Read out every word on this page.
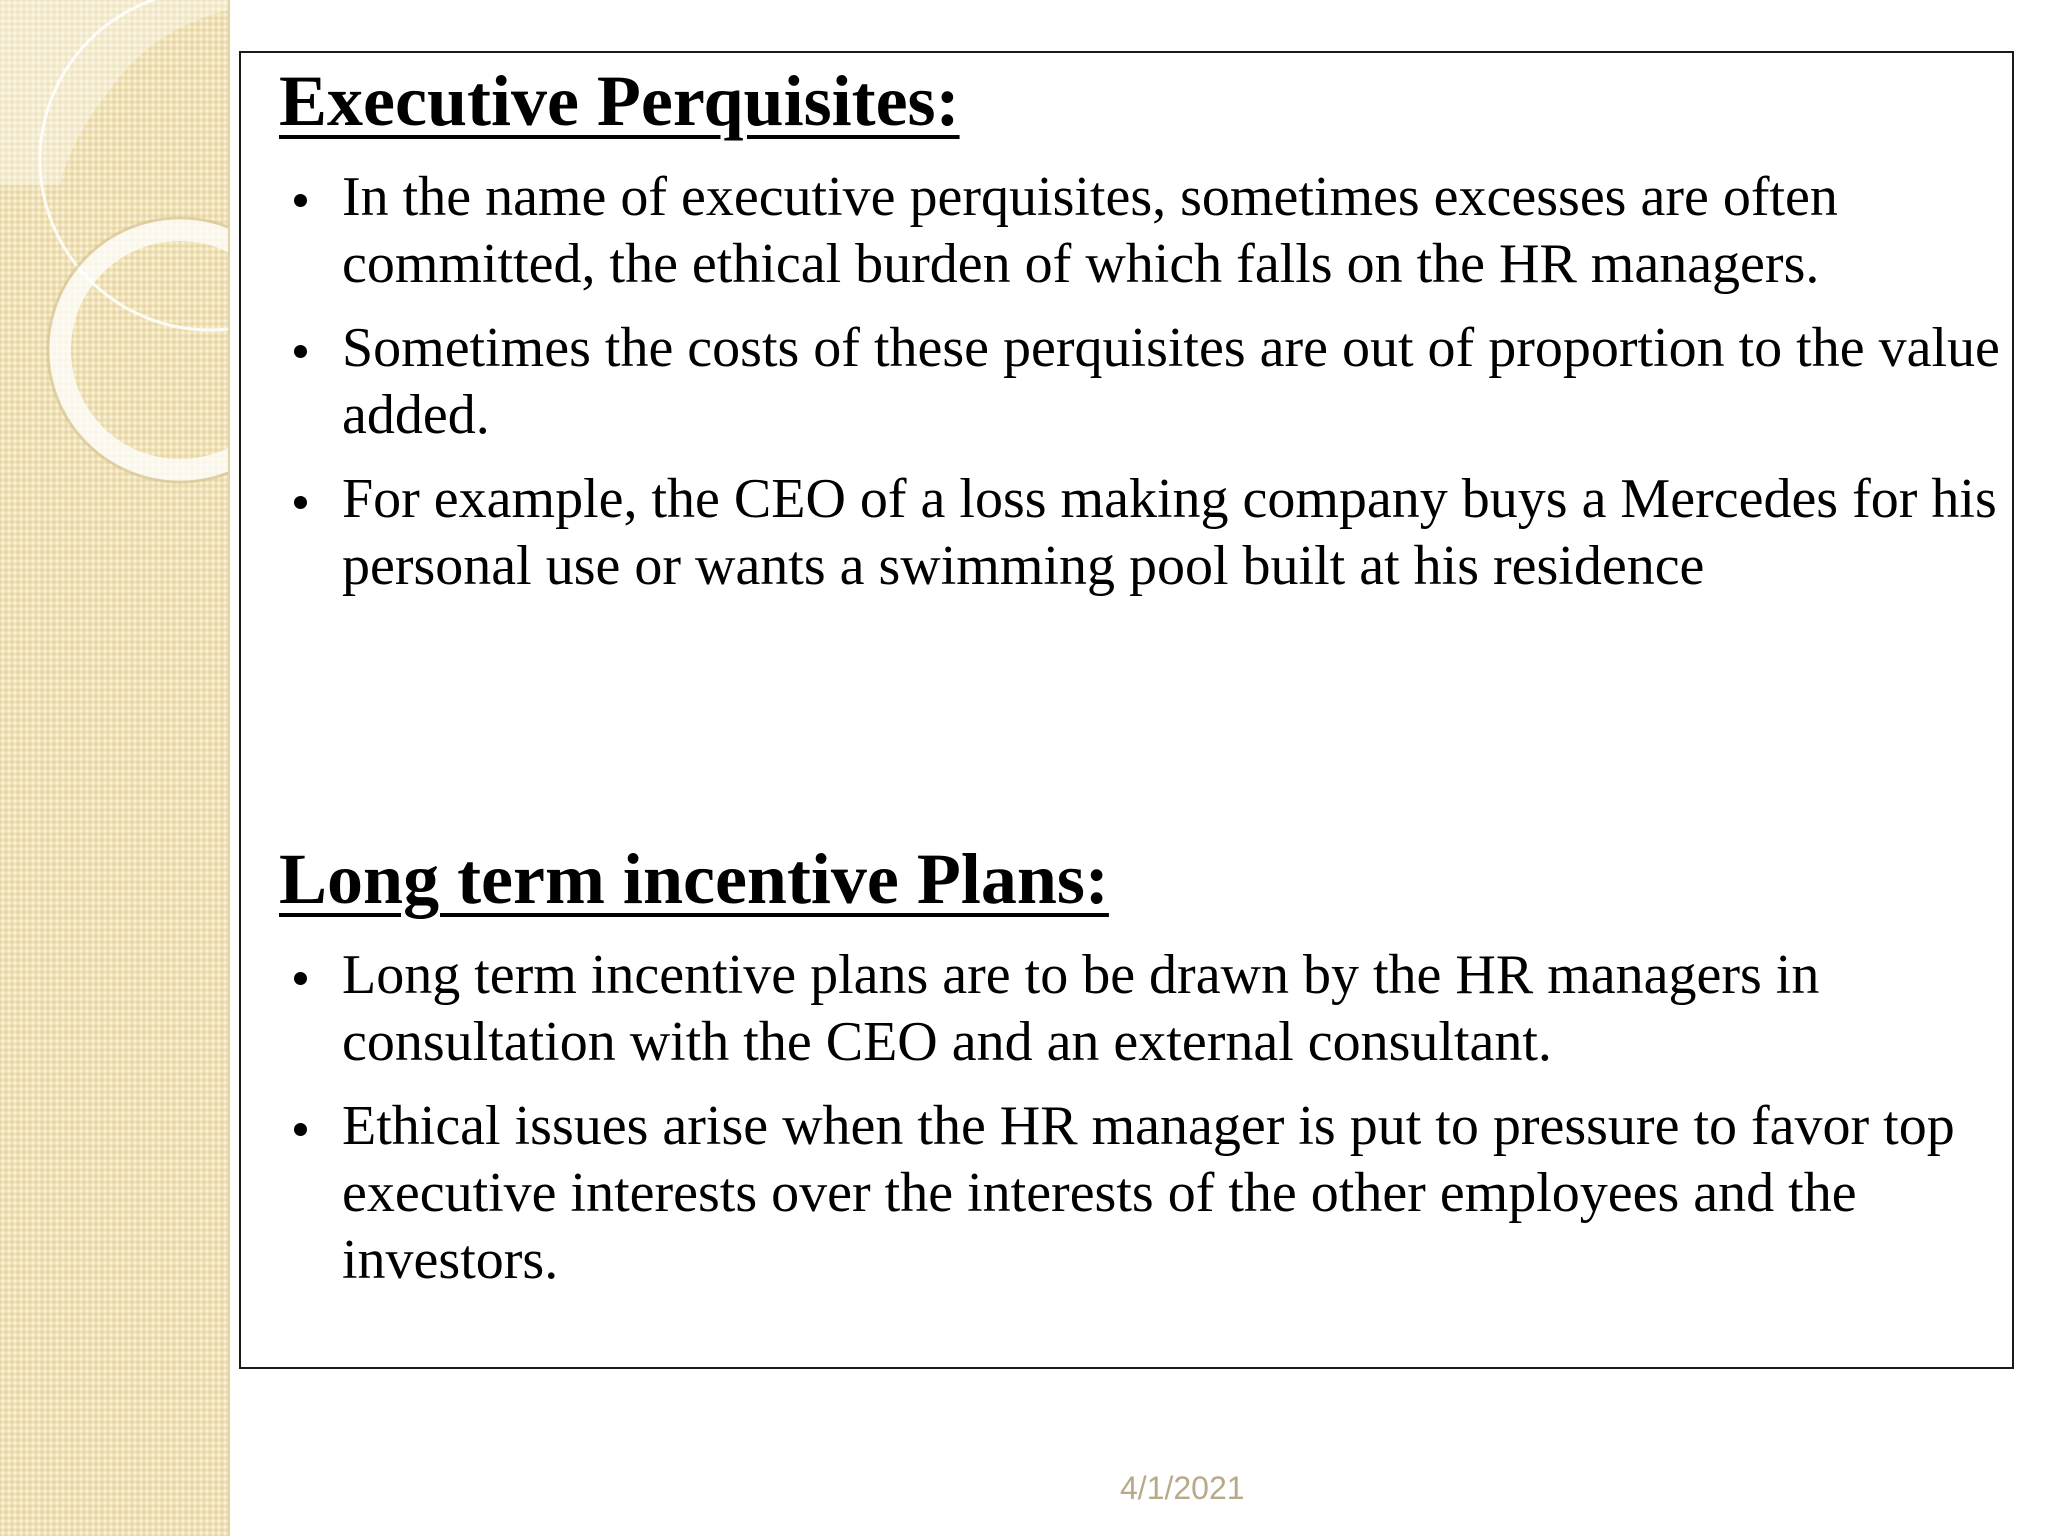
Executive Perquisites:
In the name of executive perquisites, sometimes excesses are often committed, the ethical burden of which falls on the HR managers.
Sometimes the costs of these perquisites are out of proportion to the value added.
For example, the CEO of a loss making company buys a Mercedes for his personal use or wants a swimming pool built at his residence
Long term incentive Plans:
Long term incentive plans are to be drawn by the HR managers in consultation with the CEO and an external consultant.
Ethical issues arise when the HR manager is put to pressure to favor top executive interests over the interests of the other employees and the investors.
4/1/2021
